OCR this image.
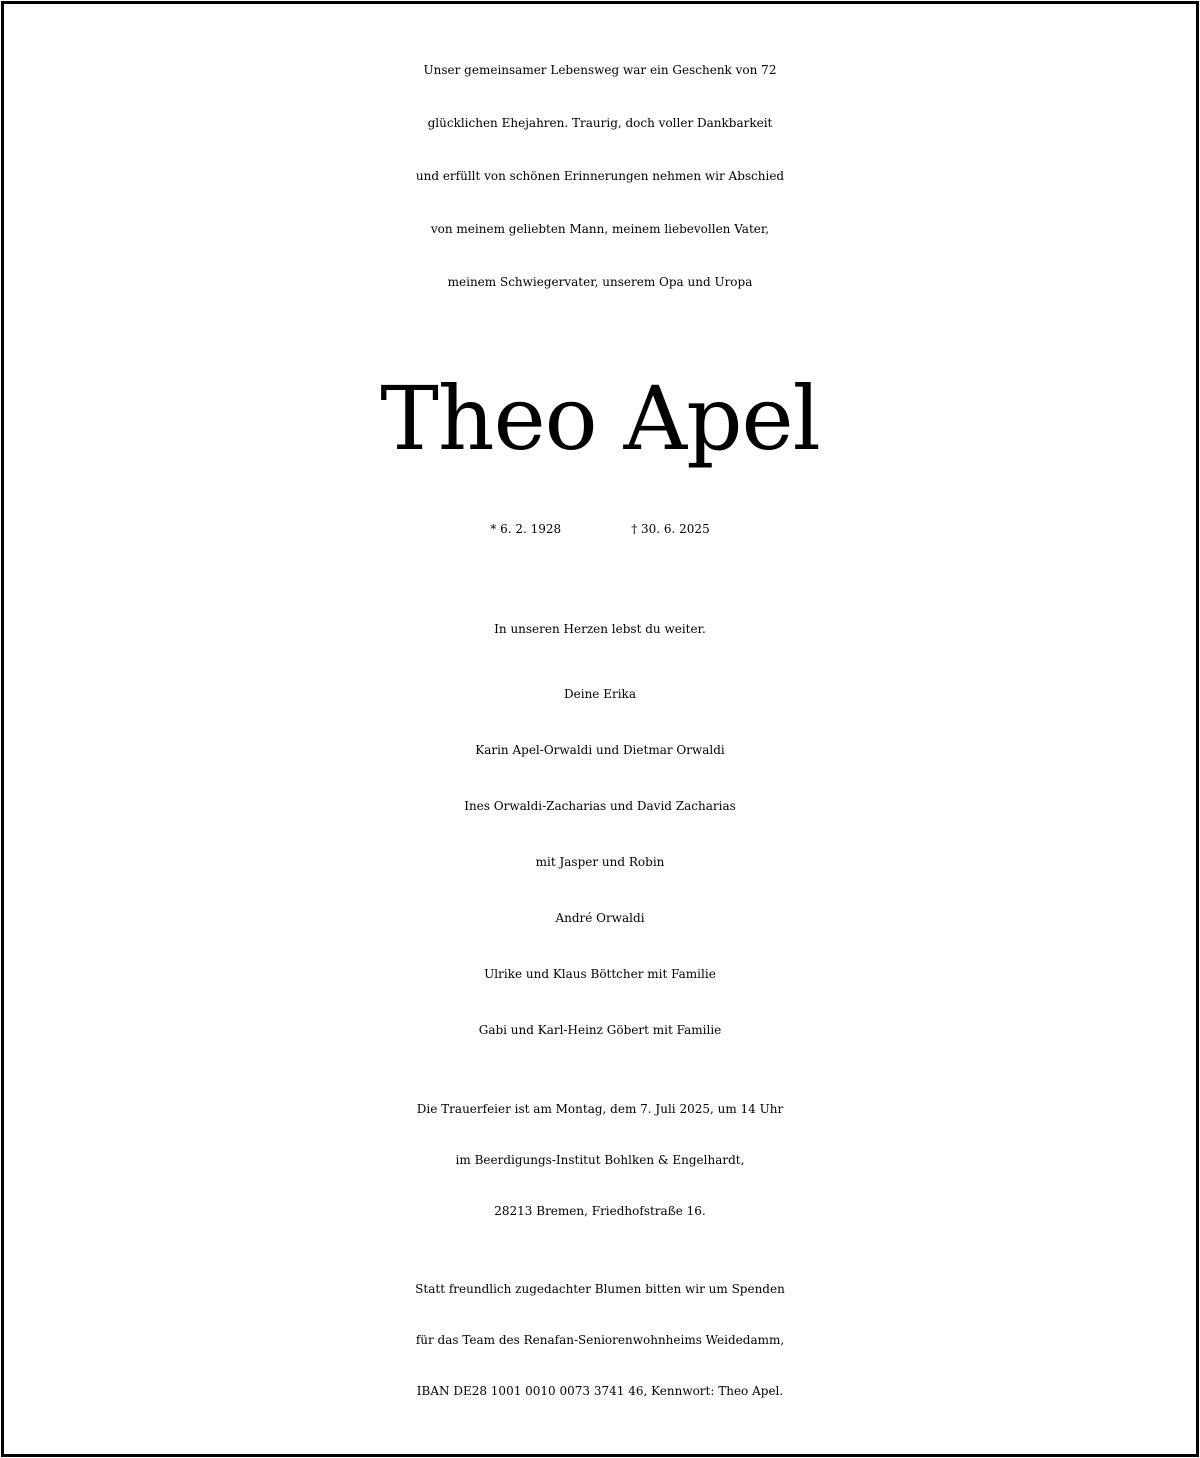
Unser gemeinsamer Lebensweg war ein Geschenk von 72
glücklichen Ehejahren. Traurig, doch voller Dankbarkeit
und erfüllt von schönen Erinnerungen nehmen wir Abschied
von meinem geliebten Mann, meinem liebevollen Vater,
meinem Schwiegervater, unserem Opa und Uropa
Theo Apel
* 6. 2. 1928	† 30. 6. 2025
In unseren Herzen lebst du weiter.
Deine Erika
Karin Apel-Orwaldi und Dietmar Orwaldi
Ines Orwaldi-Zacharias und David Zacharias
mit Jasper und Robin
André Orwaldi
Ulrike und Klaus Böttcher mit Familie
Gabi und Karl-Heinz Göbert mit Familie
Die Trauerfeier ist am Montag, dem 7. Juli 2025, um 14 Uhr
im Beerdigungs-Institut Bohlken & Engelhardt,
28213 Bremen, Friedhofstraße 16.
Statt freundlich zugedachter Blumen bitten wir um Spenden
für das Team des Renafan-Seniorenwohnheims Weidedamm,
IBAN DE28 1001 0010 0073 3741 46, Kennwort: Theo Apel.
